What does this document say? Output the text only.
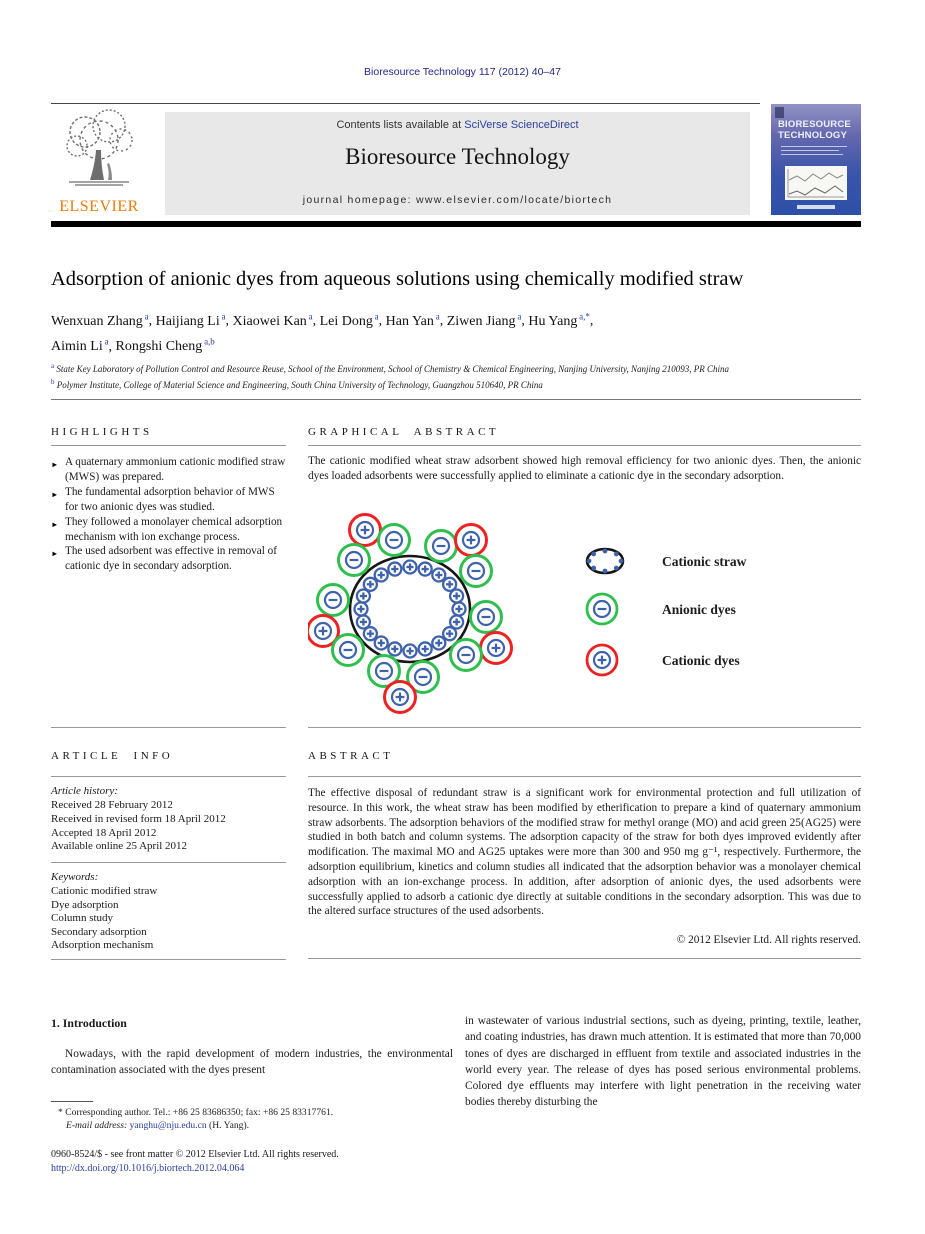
Bioresource Technology 117 (2012) 40–47
ELSEVIER
Contents lists available at SciVerse ScienceDirect
Bioresource Technology
journal homepage: www.elsevier.com/locate/biortech
BIORESOURCE
TECHNOLOGY
Adsorption of anionic dyes from aqueous solutions using chemically modified straw
Wenxuan Zhang $^a$, Haijiang Li $^a$, Xiaowei Kan $^a$, Lei Dong $^a$, Han Yan $^a$, Ziwen Jiang $^a$, Hu Yang $^{a,*}$,
Aimin Li $^a$, Rongshi Cheng $^{a,b}$
$^a$ State Key Laboratory of Pollution Control and Resource Reuse, School of the Environment, School of Chemistry & Chemical Engineering, Nanjing University, Nanjing 210093, PR China
$^b$ Polymer Institute, College of Material Science and Engineering, South China University of Technology, Guangzhou 510640, PR China
HIGHLIGHTS
► A quaternary ammonium cationic modified straw (MWS) was prepared.
► The fundamental adsorption behavior of MWS for two anionic dyes was studied.
► They followed a monolayer chemical adsorption mechanism with ion exchange process.
► The used adsorbent was effective in removal of cationic dye in secondary adsorption.
GRAPHICAL ABSTRACT
The cationic modified wheat straw adsorbent showed high removal efficiency for two anionic dyes. Then, the anionic dyes loaded adsorbents were successfully applied to eliminate a cationic dye in the secondary adsorption.
Cationic straw
Anionic dyes
Cationic dyes
ARTICLE INFO
Article history:
Received 28 February 2012
Received in revised form 18 April 2012
Accepted 18 April 2012
Available online 25 April 2012
Keywords:
Cationic modified straw
Dye adsorption
Column study
Secondary adsorption
Adsorption mechanism
ABSTRACT
The effective disposal of redundant straw is a significant work for environmental protection and full utilization of resource. In this work, the wheat straw has been modified by etherification to prepare a kind of quaternary ammonium straw adsorbents. The adsorption behaviors of the modified straw for methyl orange (MO) and acid green 25(AG25) were studied in both batch and column systems. The adsorption capacity of the straw for both dyes improved evidently after modification. The maximal MO and AG25 uptakes were more than 300 and 950 mg g⁻¹, respectively. Furthermore, the adsorption equilibrium, kinetics and column studies all indicated that the adsorption behavior was a monolayer chemical adsorption with an ion-exchange process. In addition, after adsorption of anionic dyes, the used adsorbents were successfully applied to adsorb a cationic dye directly at suitable conditions in the secondary adsorption. This was due to the altered surface structures of the used adsorbents.
© 2012 Elsevier Ltd. All rights reserved.
1. Introduction
Nowadays, with the rapid development of modern industries, the environmental contamination associated with the dyes present
in wastewater of various industrial sections, such as dyeing, printing, textile, leather, and coating industries, has drawn much attention. It is estimated that more than 70,000 tones of dyes are discharged in effluent from textile and associated industries in the world every year. The release of dyes has posed serious environmental problems. Colored dye effluents may interfere with light penetration in the receiving water bodies thereby disturbing the
* Corresponding author. Tel.: +86 25 83686350; fax: +86 25 83317761.
E-mail address: yanghu@nju.edu.cn (H. Yang).
0960-8524/$ - see front matter © 2012 Elsevier Ltd. All rights reserved.
http://dx.doi.org/10.1016/j.biortech.2012.04.064
